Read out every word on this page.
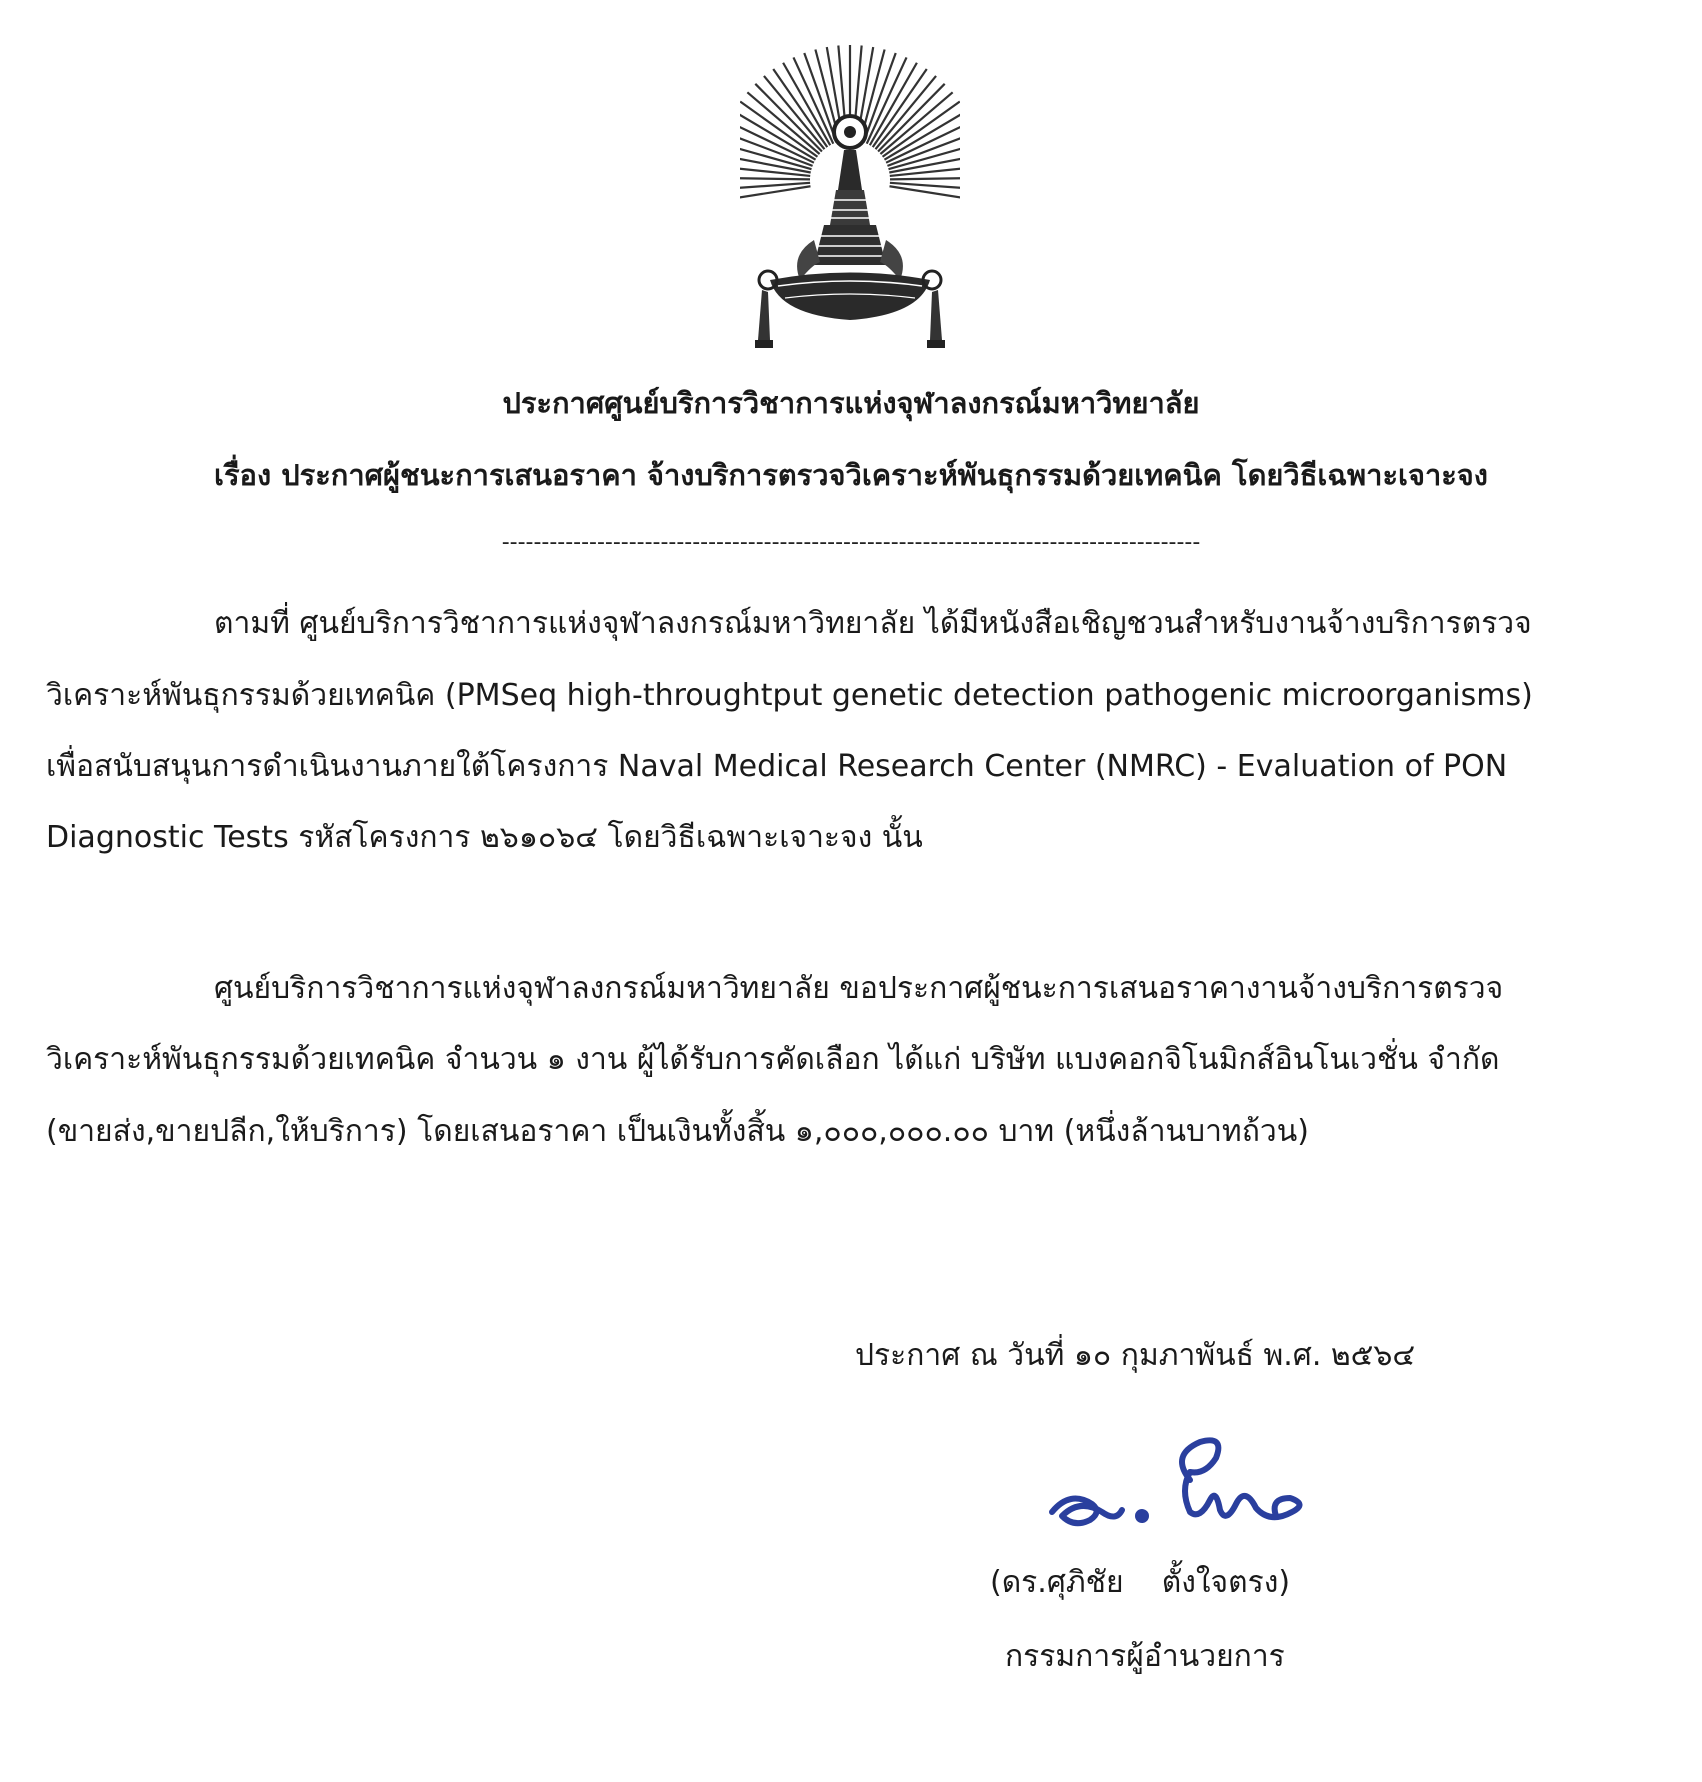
ประกาศศูนย์บริการวิชาการแห่งจุฬาลงกรณ์มหาวิทยาลัย
เรื่อง ประกาศผู้ชนะการเสนอราคา จ้างบริการตรวจวิเคราะห์พันธุกรรมด้วยเทคนิค โดยวิธีเฉพาะเจาะจง
----------------------------------------------------------------------------------------
ตามที่ ศูนย์บริการวิชาการแห่งจุฬาลงกรณ์มหาวิทยาลัย ได้มีหนังสือเชิญชวนสำหรับงานจ้างบริการตรวจ
วิเคราะห์พันธุกรรมด้วยเทคนิค (PMSeq high-throughtput genetic detection pathogenic microorganisms)
เพื่อสนับสนุนการดำเนินงานภายใต้โครงการ Naval Medical Research Center (NMRC) - Evaluation of PON
Diagnostic Tests รหัสโครงการ ๒๖๑๐๖๔ โดยวิธีเฉพาะเจาะจง นั้น
ศูนย์บริการวิชาการแห่งจุฬาลงกรณ์มหาวิทยาลัย ขอประกาศผู้ชนะการเสนอราคางานจ้างบริการตรวจ
วิเคราะห์พันธุกรรมด้วยเทคนิค จำนวน ๑ งาน ผู้ได้รับการคัดเลือก ได้แก่ บริษัท แบงคอกจิโนมิกส์อินโนเวชั่น จำกัด
(ขายส่ง,ขายปลีก,ให้บริการ) โดยเสนอราคา เป็นเงินทั้งสิ้น ๑,๐๐๐,๐๐๐.๐๐ บาท (หนึ่งล้านบาทถ้วน)
ประกาศ ณ วันที่ ๑๐ กุมภาพันธ์ พ.ศ. ๒๕๖๔
(ดร.ศุภิชัย    ตั้งใจตรง)
กรรมการผู้อำนวยการ
